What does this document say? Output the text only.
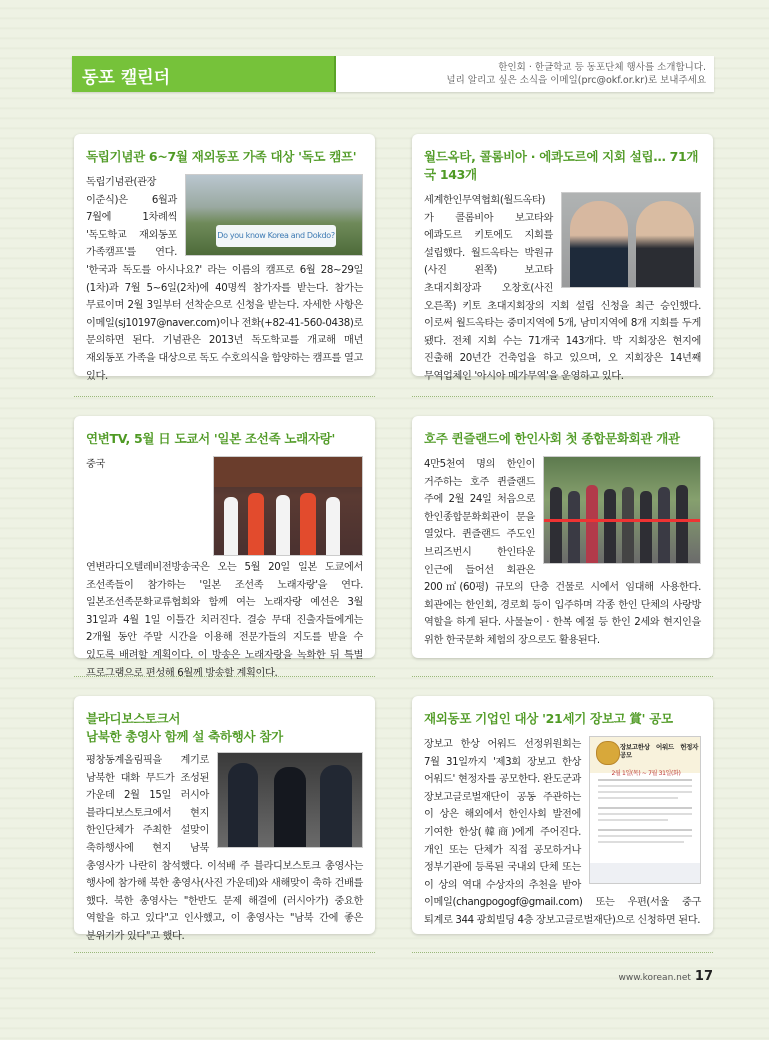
동포 캘린더
한인회 · 한글학교 등 동포단체 행사를 소개합니다.
널리 알리고 싶은 소식을 이메일(prc@okf.or.kr)로 보내주세요
독립기념관 6~7월 재외동포 가족 대상 '독도 캠프'
Do you know Korea and Dokdo?
독립기념관(관장 이준식)은 6월과 7월에 1차례씩 '독도학교 재외동포 가족캠프'를 연다. '한국과 독도를 아시나요?' 라는 이름의 캠프로 6월 28~29일(1차)과 7월 5~6일(2차)에 40명씩 참가자를 받는다. 참가는 무료이며 2월 3일부터 선착순으로 신청을 받는다. 자세한 사항은 이메일(sj10197@naver.com)이나 전화(+82-41-560-0438)로 문의하면 된다. 기념관은 2013년 독도학교를 개교해 매년 재외동포 가족을 대상으로 독도 수호의식을 함양하는 캠프를 열고 있다.
월드옥타, 콜롬비아 · 에콰도르에 지회 설립… 71개국 143개
세계한인무역협회(월드옥타)가 콜롬비아 보고타와 에콰도르 키토에도 지회를 설립했다. 월드옥타는 박원규(사진 왼쪽) 보고타 초대지회장과 오창호(사진 오른쪽) 키토 초대지회장의 지회 설립 신청을 최근 승인했다. 이로써 월드옥타는 중미지역에 5개, 남미지역에 8개 지회를 두게 됐다. 전체 지회 수는 71개국 143개다. 박 지회장은 현지에 진출해 20년간 건축업을 하고 있으며, 오 지회장은 14년째 무역업체인 '아시아 메가무역'을 운영하고 있다.
연변TV, 5월 日 도쿄서 '일본 조선족 노래자랑'
중국 연변라디오텔레비전방송국은 오는 5월 20일 일본 도쿄에서 조선족들이 참가하는 '일본 조선족 노래자랑'을 연다. 일본조선족문화교류협회와 함께 여는 노래자랑 예선은 3월 31일과 4월 1일 이틀간 치러진다. 결승 무대 진출자들에게는 2개월 동안 주말 시간을 이용해 전문가들의 지도를 받을 수 있도록 배려할 계획이다. 이 방송은 노래자랑을 녹화한 뒤 특별 프로그램으로 편성해 6월께 방송할 계획이다.
호주 퀸즐랜드에 한인사회 첫 종합문화회관 개관
4만5천여 명의 한인이 거주하는 호주 퀸즐랜드 주에 2월 24일 처음으로 한인종합문화회관이 문을 열었다. 퀸즐랜드 주도인 브리즈번시 한인타운 인근에 들어선 회관은 200㎡(60평) 규모의 단층 건물로 시에서 임대해 사용한다. 회관에는 한인회, 경로회 등이 입주하며 각종 한인 단체의 사랑방 역할을 하게 된다. 사물놀이 · 한복 예절 등 한인 2세와 현지인을 위한 한국문화 체험의 장으로도 활용된다.
블라디보스토크서
남북한 총영사 함께 설 축하행사 참가
평창동계올림픽을 계기로 남북한 대화 무드가 조성된 가운데 2월 15일 러시아 블라디보스토크에서 현지 한인단체가 주최한 설맞이 축하행사에 현지 남북 총영사가 나란히 참석했다. 이석배 주 블라디보스토크 총영사는 행사에 참가해 북한 총영사(사진 가운데)와 새해맞이 축하 건배를 했다. 북한 총영사는 "한반도 문제 해결에 (러시아가) 중요한 역할을 하고 있다"고 인사했고, 이 총영사는 "남북 간에 좋은 분위기가 있다"고 했다.
재외동포 기업인 대상 '21세기 장보고 賞' 공모
장보고한상 어워드 헌정자 공모
2월 1일(목) ~ 7월 31일(화)
장보고 한상 어워드 선정위원회는 7월 31일까지 '제3회 장보고 한상 어워드' 현정자를 공모한다. 완도군과 장보고글로벌재단이 공동 주관하는 이 상은 해외에서 한인사회 발전에 기여한 한상(韓商)에게 주어진다. 개인 또는 단체가 직접 공모하거나 정부기관에 등록된 국내외 단체 또는 이 상의 역대 수상자의 추천을 받아 이메일(changpogogf@gmail.com) 또는 우편(서울 중구 퇴계로 344 광희빌딩 4층 장보고글로벌재단)으로 신청하면 된다.
www.korean.net 17
